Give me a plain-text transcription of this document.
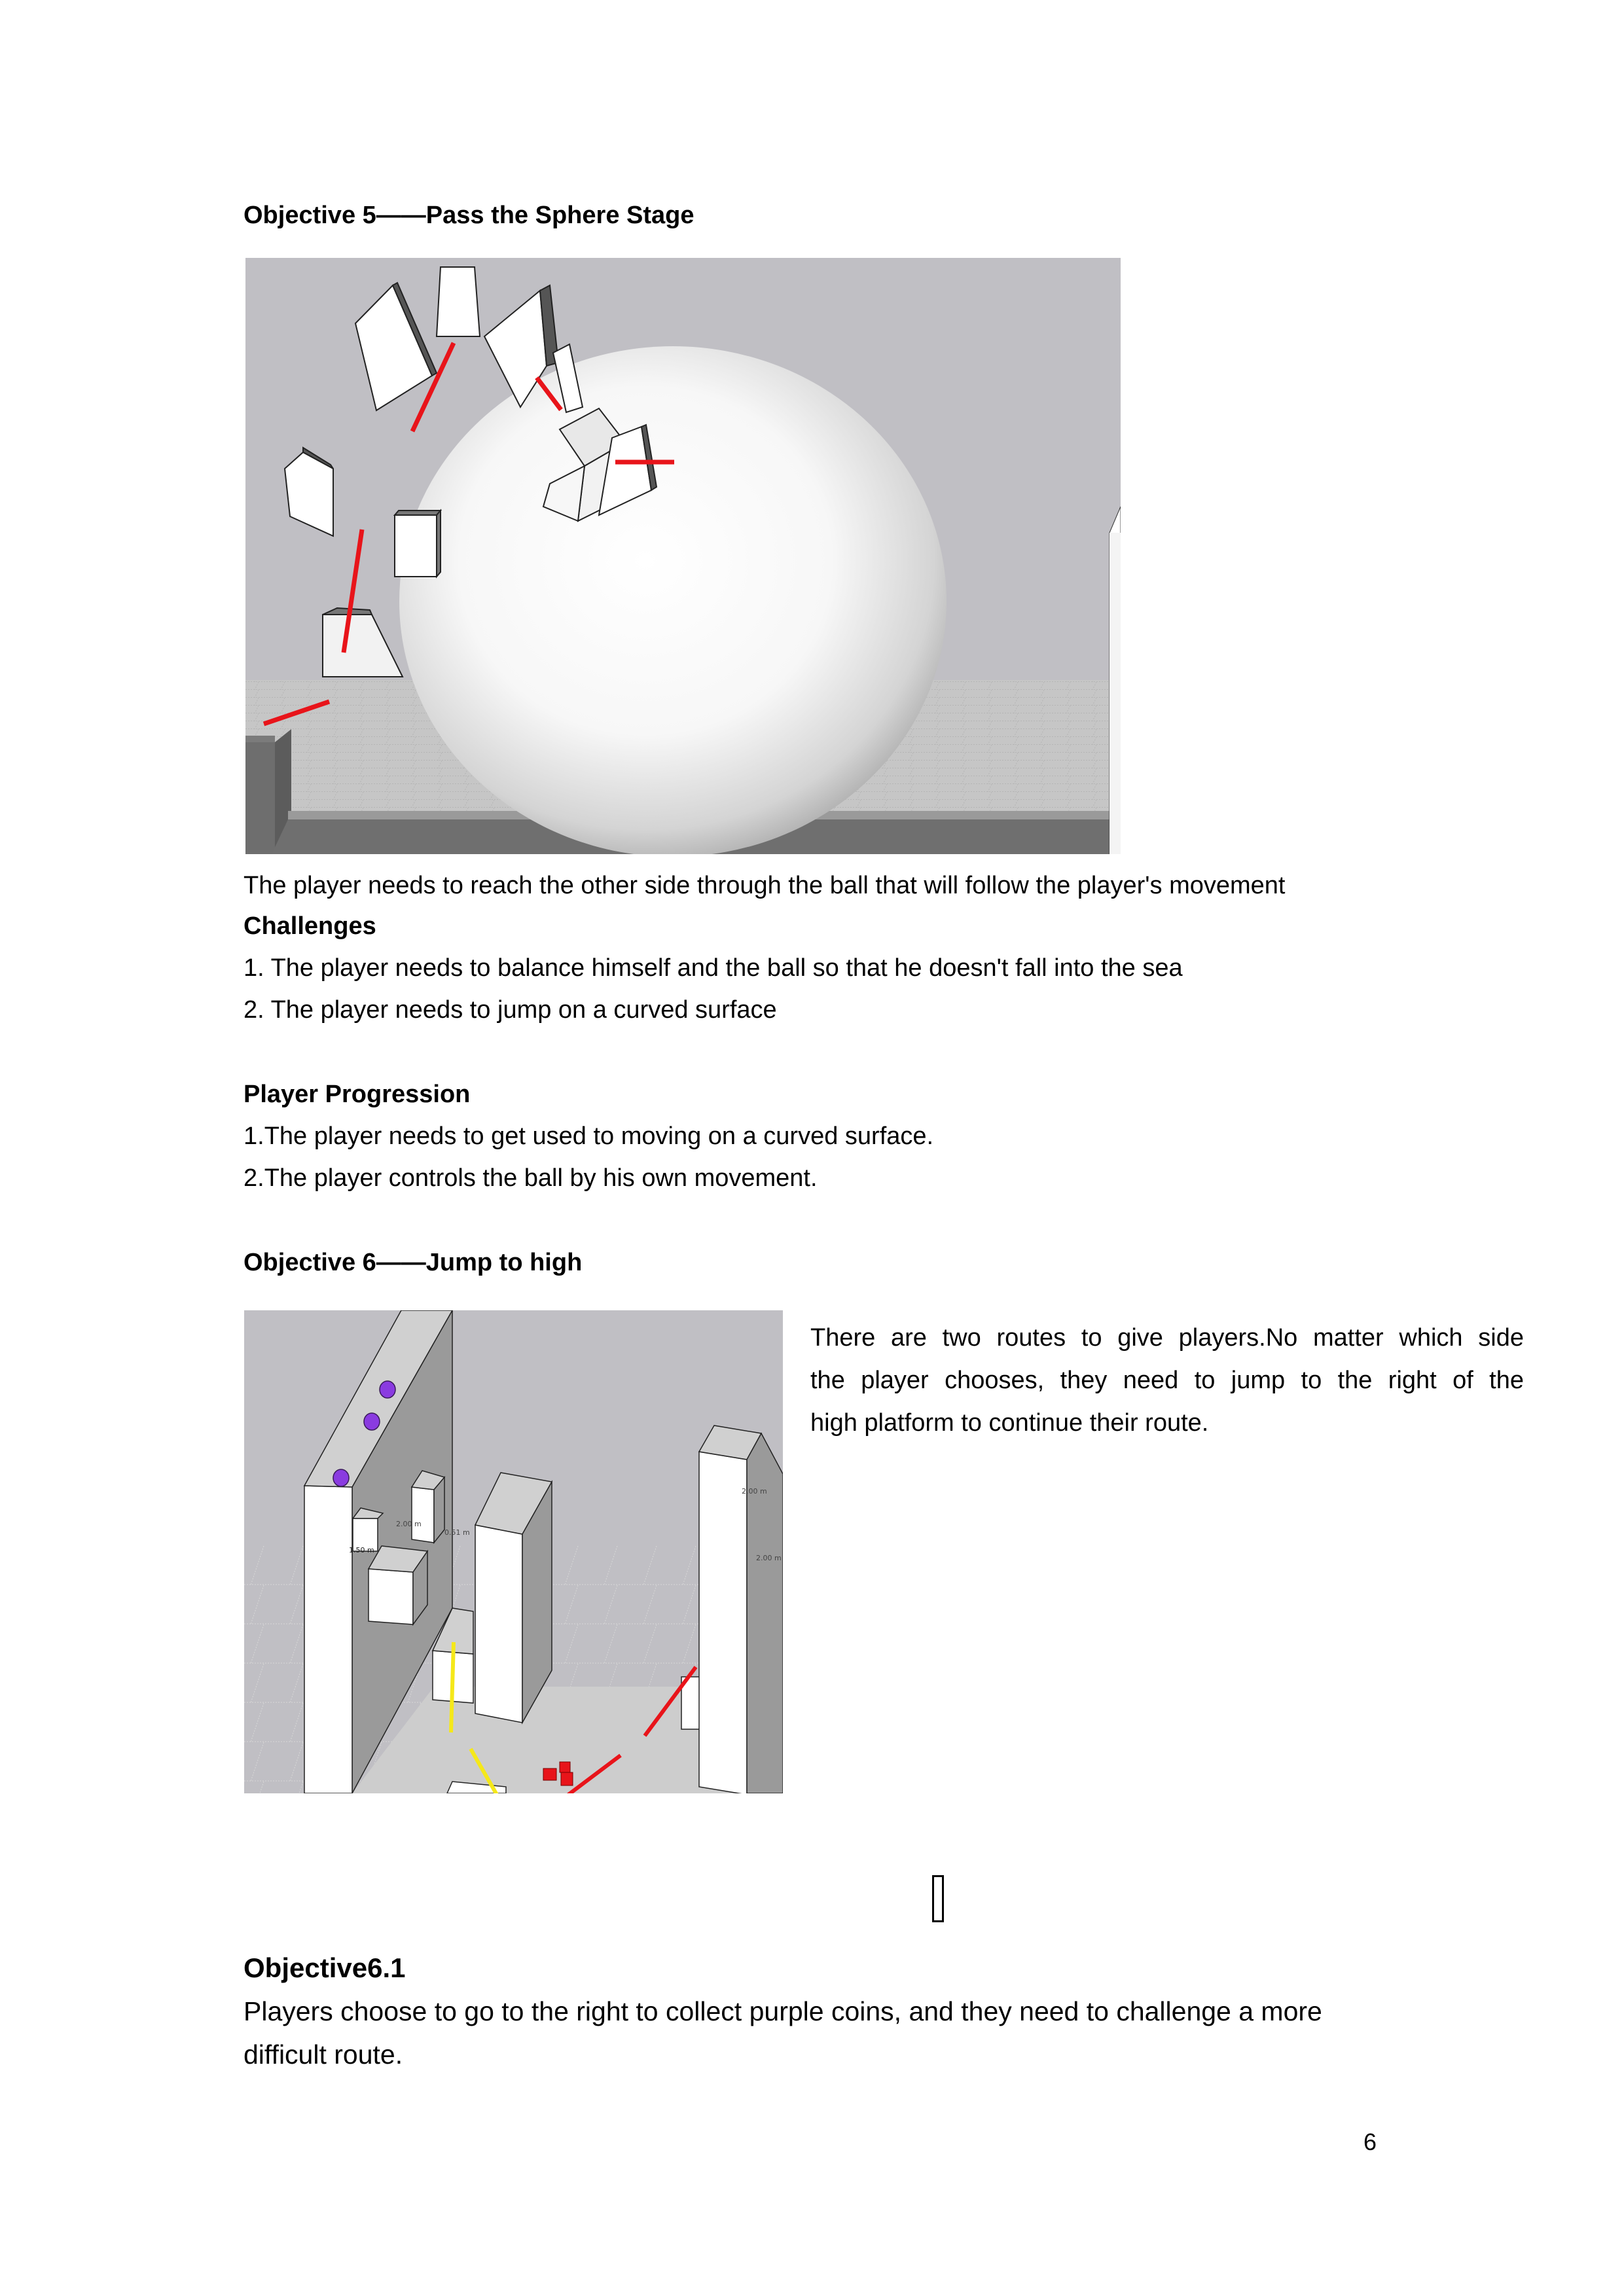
Objective 5——Pass the Sphere Stage
The player needs to reach the other side through the ball that will follow the player's movement
Challenges
1. The player needs to balance himself and the ball so that he doesn't fall into the sea
2. The player needs to jump on a curved surface
Player Progression
1.The player needs to get used to moving on a curved surface.
2.The player controls the ball by his own movement.
Objective 6——Jump to high
2.00 m
1.50 m
0.51 m
2.00 m
2.00 m
There are two routes to give players.No matter which side
the player chooses, they need to jump to the right of the
high platform to continue their route.
Objective6.1
Players choose to go to the right to collect purple coins, and they need to challenge a more
difficult route.
6
